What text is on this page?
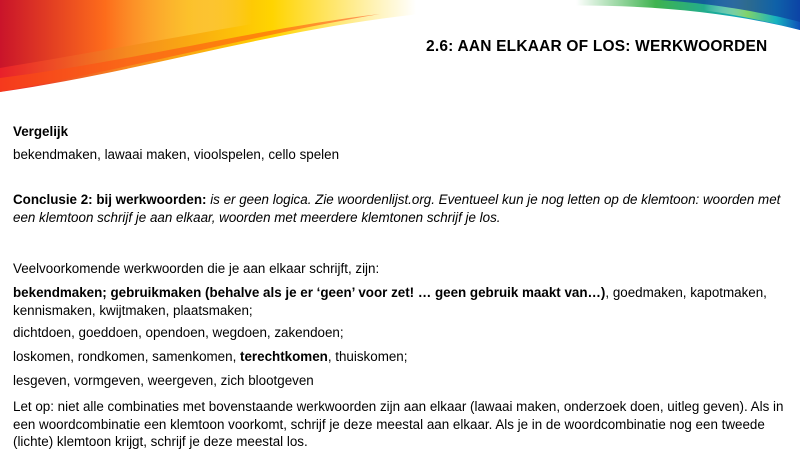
2.6: AAN ELKAAR OF LOS: WERKWOORDEN
Vergelijk
bekendmaken, lawaai maken, vioolspelen, cello spelen
Conclusie 2: bij werkwoorden: is er geen logica. Zie woordenlijst.org. Eventueel kun je nog letten op de klemtoon: woorden met een klemtoon schrijf je aan elkaar, woorden met meerdere klemtonen schrijf je los.
Veelvoorkomende werkwoorden die je aan elkaar schrijft, zijn:
bekendmaken; gebruikmaken (behalve als je er ‘geen’ voor zet! … geen gebruik maakt van…), goedmaken, kapotmaken, kennismaken, kwijtmaken, plaatsmaken;
dichtdoen, goeddoen, opendoen, wegdoen, zakendoen;
loskomen, rondkomen, samenkomen, terechtkomen, thuiskomen;
lesgeven, vormgeven, weergeven, zich blootgeven
Let op: niet alle combinaties met bovenstaande werkwoorden zijn aan elkaar (lawaai maken, onderzoek doen, uitleg geven). Als in een woordcombinatie een klemtoon voorkomt, schrijf je deze meestal aan elkaar. Als je in de woordcombinatie nog een tweede (lichte) klemtoon krijgt, schrijf je deze meestal los.
